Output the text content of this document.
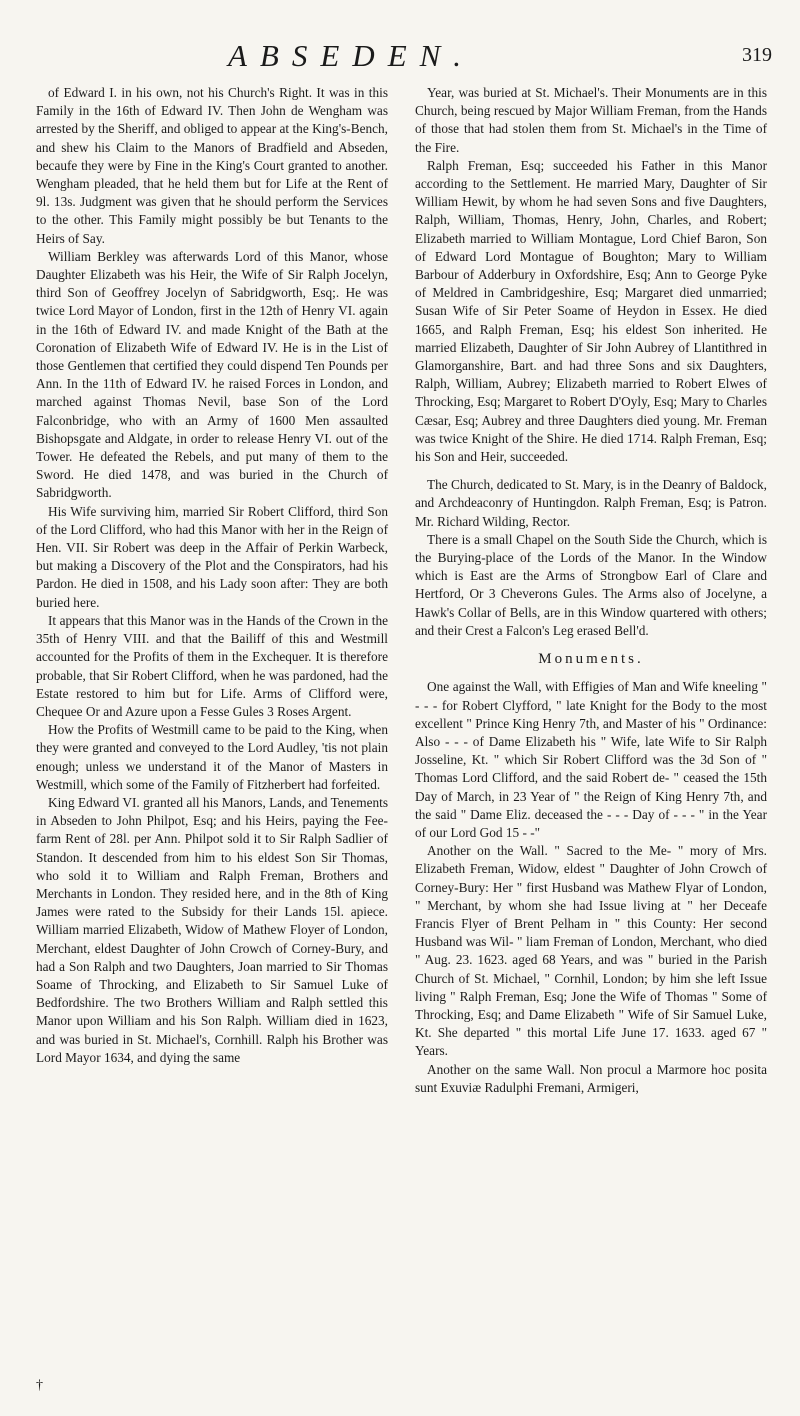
ABSEDEN.	319

of Edward I. in his own, not his Church's Right. It was in this Family in the 16th of Edward IV. Then John de Wengham was arrested by the Sheriff, and obliged to appear at the King's-Bench, and shew his Claim to the Manors of Bradfield and Abseden, becaufe they were by Fine in the King's Court granted to another. Wengham pleaded, that he held them but for Life at the Rent of 9l. 13s. Judgment was given that he should perform the Services to the other. This Family might possibly be but Tenants to the Heirs of Say.

William Berkley was afterwards Lord of this Manor, whose Daughter Elizabeth was his Heir, the Wife of Sir Ralph Jocelyn, third Son of Geoffrey Jocelyn of Sabridgworth, Esq;. He was twice Lord Mayor of London, first in the 12th of Henry VI. again in the 16th of Edward IV. and made Knight of the Bath at the Coronation of Elizabeth Wife of Edward IV. He is in the List of those Gentlemen that certified they could dispend Ten Pounds per Ann. In the 11th of Edward IV. he raised Forces in London, and marched against Thomas Nevil, base Son of the Lord Falconbridge, who with an Army of 1600 Men assaulted Bishopsgate and Aldgate, in order to release Henry VI. out of the Tower. He defeated the Rebels, and put many of them to the Sword. He died 1478, and was buried in the Church of Sabridgworth.

His Wife surviving him, married Sir Robert Clifford, third Son of the Lord Clifford, who had this Manor with her in the Reign of Hen. VII. Sir Robert was deep in the Affair of Perkin Warbeck, but making a Discovery of the Plot and the Conspirators, had his Pardon. He died in 1508, and his Lady soon after: They are both buried here.

It appears that this Manor was in the Hands of the Crown in the 35th of Henry VIII. and that the Bailiff of this and Westmill accounted for the Profits of them in the Exchequer. It is therefore probable, that Sir Robert Clifford, when he was pardoned, had the Estate restored to him but for Life. Arms of Clifford were, Chequee Or and Azure upon a Fesse Gules 3 Roses Argent.

How the Profits of Westmill came to be paid to the King, when they were granted and conveyed to the Lord Audley, 'tis not plain enough; unless we understand it of the Manor of Masters in Westmill, which some of the Family of Fitzherbert had forfeited.

King Edward VI. granted all his Manors, Lands, and Tenements in Abseden to John Philpot, Esq; and his Heirs, paying the Fee-farm Rent of 28l. per Ann. Philpot sold it to Sir Ralph Sadlier of Standon. It descended from him to his eldest Son Sir Thomas, who sold it to William and Ralph Freman, Brothers and Merchants in London. They resided here, and in the 8th of King James were rated to the Subsidy for their Lands 15l. apiece. William married Elizabeth, Widow of Mathew Floyer of London, Merchant, eldest Daughter of John Crowch of Corney-Bury, and had a Son Ralph and two Daughters, Joan married to Sir Thomas Soame of Throcking, and Elizabeth to Sir Samuel Luke of Bedfordshire. The two Brothers William and Ralph settled this Manor upon William and his Son Ralph. William died in 1623, and was buried in St. Michael's, Cornhill. Ralph his Brother was Lord Mayor 1634, and dying the same

Year, was buried at St. Michael's. Their Monuments are in this Church, being rescued by Major William Freman, from the Hands of those that had stolen them from St. Michael's in the Time of the Fire.

Ralph Freman, Esq; succeeded his Father in this Manor according to the Settlement. He married Mary, Daughter of Sir William Hewit, by whom he had seven Sons and five Daughters, Ralph, William, Thomas, Henry, John, Charles, and Robert; Elizabeth married to William Montague, Lord Chief Baron, Son of Edward Lord Montague of Boughton; Mary to William Barbour of Adderbury in Oxfordshire, Esq; Ann to George Pyke of Meldred in Cambridgeshire, Esq; Margaret died unmarried; Susan Wife of Sir Peter Soame of Heydon in Essex. He died 1665, and Ralph Freman, Esq; his eldest Son inherited. He married Elizabeth, Daughter of Sir John Aubrey of Llantithred in Glamorganshire, Bart. and had three Sons and six Daughters, Ralph, William, Aubrey; Elizabeth married to Robert Elwes of Throcking, Esq; Margaret to Robert D'Oyly, Esq; Mary to Charles Cæsar, Esq; Aubrey and three Daughters died young. Mr. Freman was twice Knight of the Shire. He died 1714. Ralph Freman, Esq; his Son and Heir, succeeded.

The Church, dedicated to St. Mary, is in the Deanry of Baldock, and Archdeaconry of Huntingdon. Ralph Freman, Esq; is Patron. Mr. Richard Wilding, Rector.

There is a small Chapel on the South Side the Church, which is the Burying-place of the Lords of the Manor. In the Window which is East are the Arms of Strongbow Earl of Clare and Hertford, Or 3 Cheverons Gules. The Arms also of Jocelyne, a Hawk's Collar of Bells, are in this Window quartered with others; and their Crest a Falcon's Leg erased Bell'd.

Monuments.

One against the Wall, with Effigies of Man and Wife kneeling " - - - for Robert Clyfford, " late Knight for the Body to the most excellent " Prince King Henry 7th, and Master of his " Ordinance: Also - - - of Dame Elizabeth his " Wife, late Wife to Sir Ralph Josseline, Kt. " which Sir Robert Clifford was the 3d Son of " Thomas Lord Clifford, and the said Robert de- " ceased the 15th Day of March, in 23 Year of " the Reign of King Henry 7th, and the said " Dame Eliz. deceased the - - - Day of - - - " in the Year of our Lord God 15 - -"

Another on the Wall. " Sacred to the Me- " mory of Mrs. Elizabeth Freman, Widow, eldest " Daughter of John Crowch of Corney-Bury: Her " first Husband was Mathew Flyar of London, " Merchant, by whom she had Issue living at " her Deceafe Francis Flyer of Brent Pelham in " this County: Her second Husband was Wil- " liam Freman of London, Merchant, who died " Aug. 23. 1623. aged 68 Years, and was " buried in the Parish Church of St. Michael, " Cornhil, London; by him she left Issue living " Ralph Freman, Esq; Jone the Wife of Thomas " Some of Throcking, Esq; and Dame Elizabeth " Wife of Sir Samuel Luke, Kt. She departed " this mortal Life June 17. 1633. aged 67 " Years.

Another on the same Wall. Non procul a Marmore hoc posita sunt Exuviæ Radulphi Fremani, Armigeri,

†
